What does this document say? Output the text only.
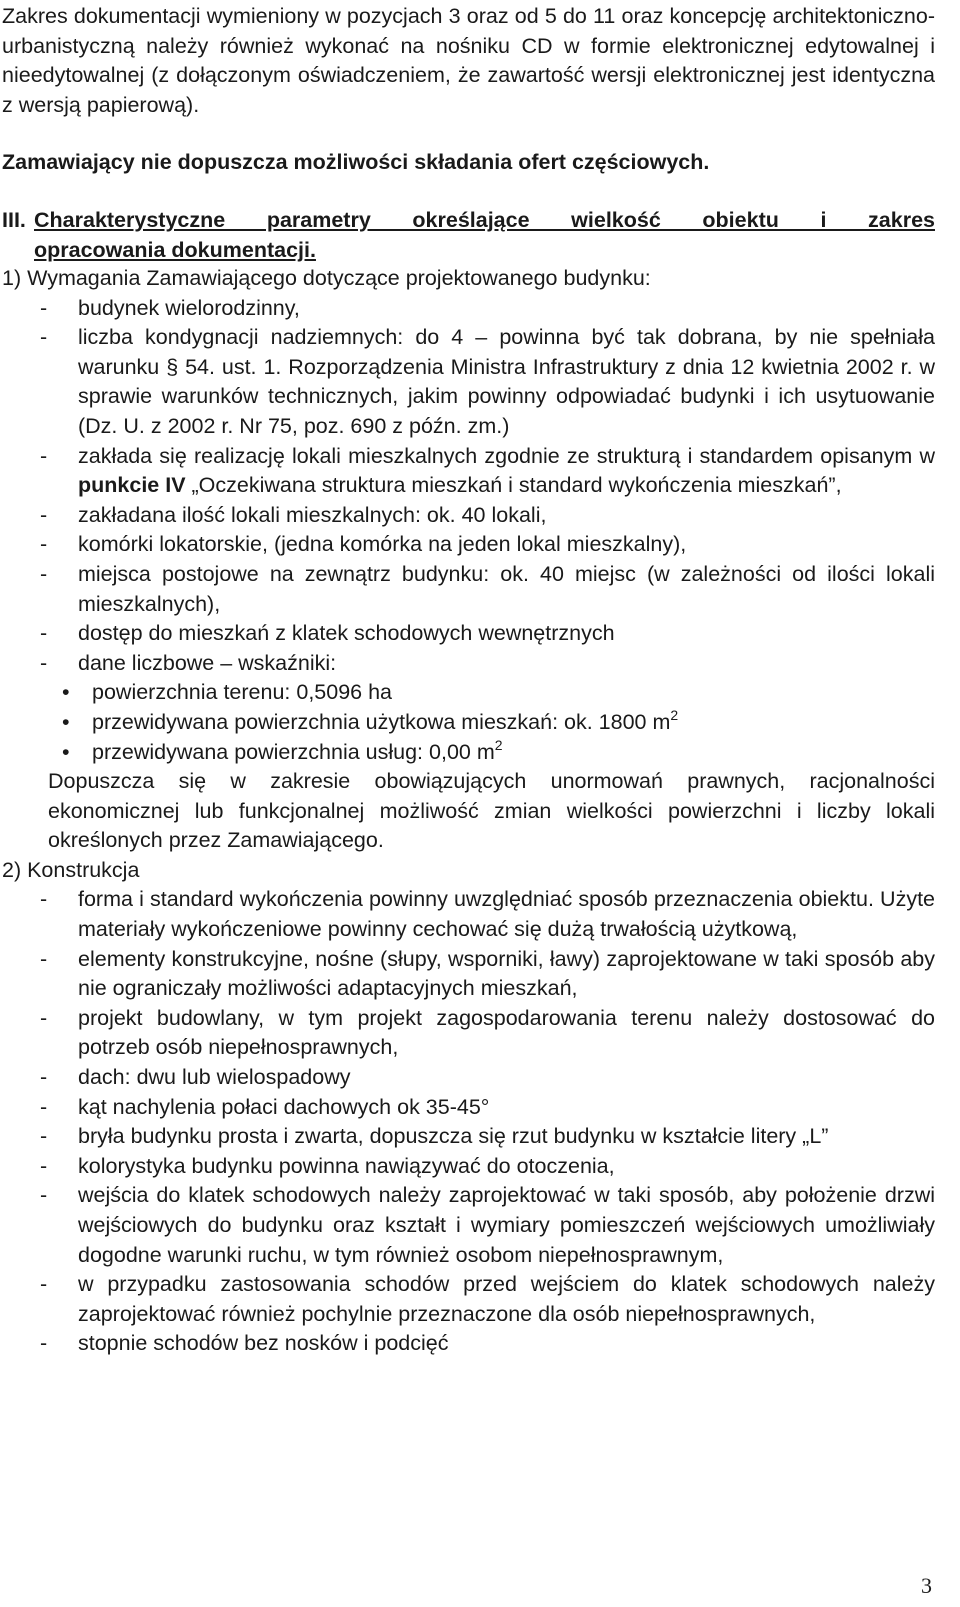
Zakres dokumentacji wymieniony w pozycjach 3 oraz od 5 do 11 oraz koncepcję architektoniczno-urbanistyczną należy również wykonać na nośniku CD w formie elektronicznej edytowalnej i nieedytowalnej (z dołączonym oświadczeniem, że zawartość wersji elektronicznej jest identyczna z wersją papierową).

Zamawiający nie dopuszcza możliwości składania ofert częściowych.

III. Charakterystyczne parametry określające wielkość obiektu i zakres
opracowania dokumentacji.

1) Wymagania Zamawiającego dotyczące projektowanego budynku:

- budynek wielorodzinny,
- liczba kondygnacji nadziemnych: do 4 – powinna być tak dobrana, by nie spełniała warunku § 54. ust. 1. Rozporządzenia Ministra Infrastruktury z dnia 12 kwietnia 2002 r. w sprawie warunków technicznych, jakim powinny odpowiadać budynki i ich usytuowanie (Dz. U. z 2002 r. Nr 75, poz. 690 z późn. zm.)
- zakłada się realizację lokali mieszkalnych zgodnie ze strukturą i standardem opisanym w punkcie IV „Oczekiwana struktura mieszkań i standard wykończenia mieszkań”,
- zakładana ilość lokali mieszkalnych: ok. 40 lokali,
- komórki lokatorskie, (jedna komórka na jeden lokal mieszkalny),
- miejsca postojowe na zewnątrz budynku: ok. 40 miejsc (w zależności od ilości lokali mieszkalnych),
- dostęp do mieszkań z klatek schodowych wewnętrznych
- dane liczbowe – wskaźniki:
• powierzchnia terenu: 0,5096 ha
• przewidywana powierzchnia użytkowa mieszkań: ok. 1800 $m^2$
• przewidywana powierzchnia usług: 0,00 $m^2$

Dopuszcza się w zakresie obowiązujących unormowań prawnych, racjonalności ekonomicznej lub funkcjonalnej możliwość zmian wielkości powierzchni i liczby lokali określonych przez Zamawiającego.

2) Konstrukcja

- forma i standard wykończenia powinny uwzględniać sposób przeznaczenia obiektu. Użyte materiały wykończeniowe powinny cechować się dużą trwałością użytkową,
- elementy konstrukcyjne, nośne (słupy, wsporniki, ławy) zaprojektowane w taki sposób aby nie ograniczały możliwości adaptacyjnych mieszkań,
- projekt budowlany, w tym projekt zagospodarowania terenu należy dostosować do potrzeb osób niepełnosprawnych,
- dach: dwu lub wielospadowy
- kąt nachylenia połaci dachowych ok 35-45°
- bryła budynku prosta i zwarta, dopuszcza się rzut budynku w kształcie litery „L”
- kolorystyka budynku powinna nawiązywać do otoczenia,
- wejścia do klatek schodowych należy zaprojektować w taki sposób, aby położenie drzwi wejściowych do budynku oraz kształt i wymiary pomieszczeń wejściowych umożliwiały dogodne warunki ruchu, w tym również osobom niepełnosprawnym,
- w przypadku zastosowania schodów przed wejściem do klatek schodowych należy zaprojektować również pochylnie przeznaczone dla osób niepełnosprawnych,
- stopnie schodów bez nosków i podcięć
3
